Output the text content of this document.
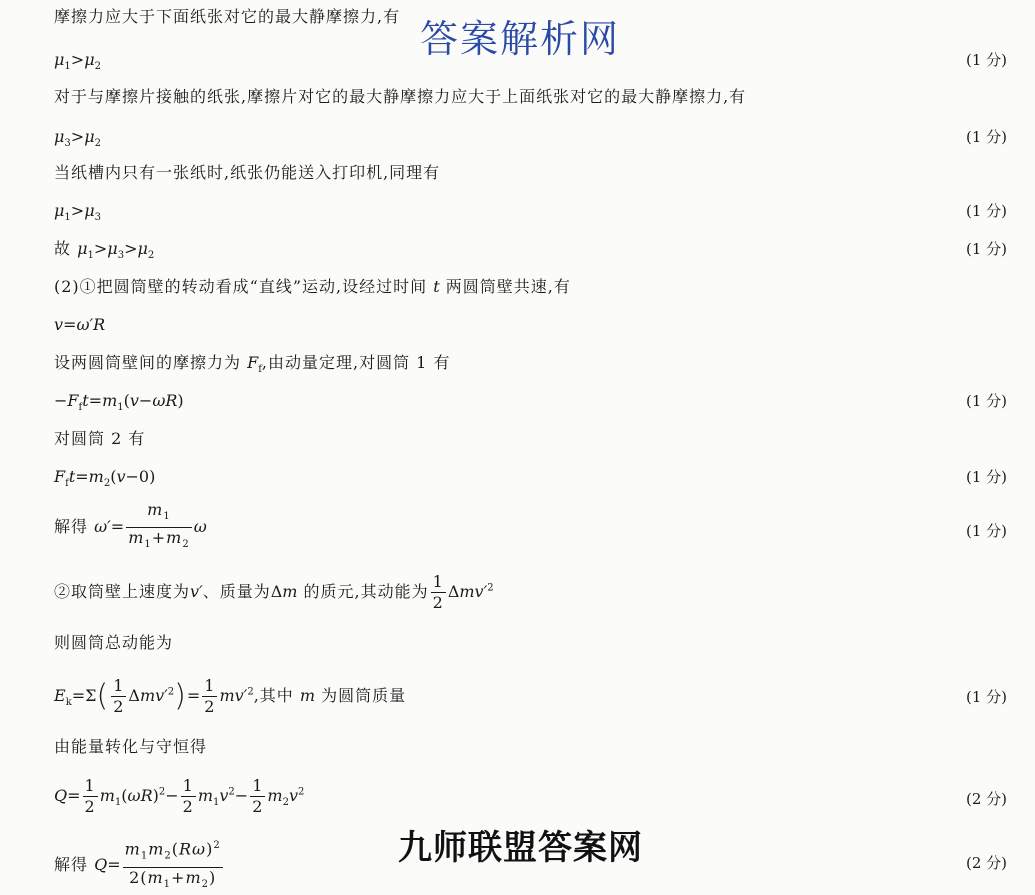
答案解析网
摩擦力应大于下面纸张对它的最大静摩擦力,有
$\mu_1>\mu_2$	(1 分)
对于与摩擦片接触的纸张,摩擦片对它的最大静摩擦力应大于上面纸张对它的最大静摩擦力,有
$\mu_3>\mu_2$	(1 分)
当纸槽内只有一张纸时,纸张仍能送入打印机,同理有
$\mu_1>\mu_3$	(1 分)
故 $\mu_1>\mu_3>\mu_2$	(1 分)
(2)①把圆筒壁的转动看成“直线”运动,设经过时间 t 两圆筒壁共速,有
v=ω′R
设两圆筒壁间的摩擦力为 $F_f$,由动量定理,对圆筒 1 有
$-F_ft=m_1(v-\omega R)$	(1 分)
对圆筒 2 有
$F_ft=m_2(v-0)$	(1 分)
解得 $\omega'= \frac{m_1}{m_1+m_2}$ ω	(1 分)
②取筒壁上速度为v′、质量为Δm 的质元,其动能为 $\frac{1}{2} \Delta mv'^2$
则圆筒总动能为
$E_k=\Sigma( \frac{1}{2} \Delta mv'^2)= \frac{1}{2} mv'^2$,其中 m 为圆筒质量	(1 分)
由能量转化与守恒得
$Q= \frac{1}{2} m_1(\omega R)^2- \frac{1}{2} m_1v^2- \frac{1}{2} m_2v^2$	(2 分)
解得 $Q= \frac{m_1m_2(R\omega)^2}{2(m_1+m_2)}$	(2 分)
九师联盟答案网
